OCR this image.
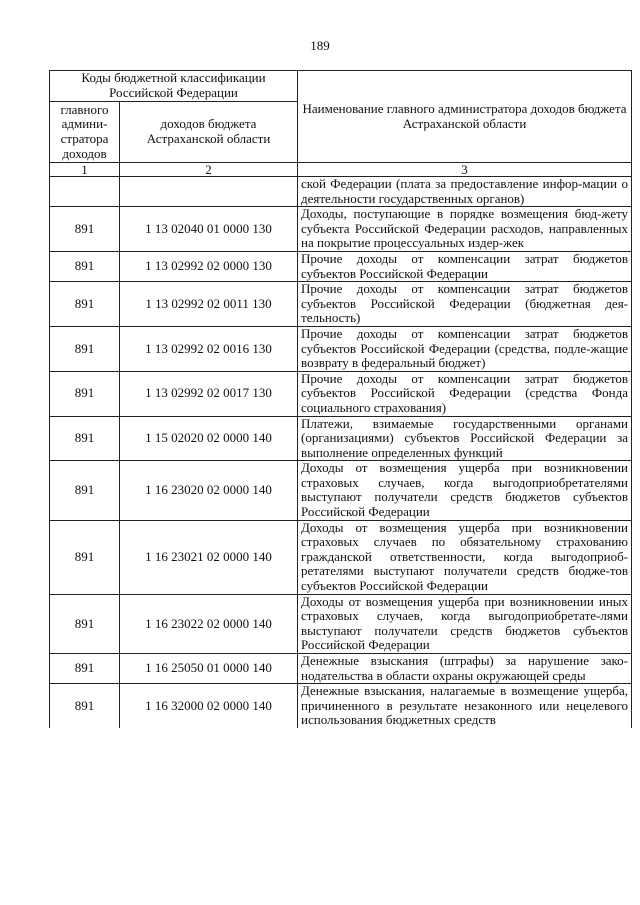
189
Коды бюджетной классификации Российской Федерации		Наименование главного администратора доходов бюджета Астраханской области
главного админи-стратора доходов	доходов бюджета Астраханской области	
1	2	3
		ской Федерации (плата за предоставление инфор-мации о деятельности государственных органов)
891	1 13 02040 01 0000 130	Доходы, поступающие в порядке возмещения бюд-жету субъекта Российской Федерации расходов, направленных на покрытие процессуальных издер-жек
891	1 13 02992 02 0000 130	Прочие доходы от компенсации затрат бюджетов субъектов Российской Федерации
891	1 13 02992 02 0011 130	Прочие доходы от компенсации затрат бюджетов субъектов Российской Федерации (бюджетная дея-тельность)
891	1 13 02992 02 0016 130	Прочие доходы от компенсации затрат бюджетов субъектов Российской Федерации (средства, подле-жащие возврату в федеральный бюджет)
891	1 13 02992 02 0017 130	Прочие доходы от компенсации затрат бюджетов субъектов Российской Федерации (средства Фонда социального страхования)
891	1 15 02020 02 0000 140	Платежи, взимаемые государственными органами (организациями) субъектов Российской Федерации за выполнение определенных функций
891	1 16 23020 02 0000 140	Доходы от возмещения ущерба при возникновении страховых случаев, когда выгодоприобретателями выступают получатели средств бюджетов субъектов Российской Федерации
891	1 16 23021 02 0000 140	Доходы от возмещения ущерба при возникновении страховых случаев по обязательному страхованию гражданской ответственности, когда выгодоприоб-ретателями выступают получатели средств бюдже-тов субъектов Российской Федерации
891	1 16 23022 02 0000 140	Доходы от возмещения ущерба при возникновении иных страховых случаев, когда выгодоприобретате-лями выступают получатели средств бюджетов субъектов Российской Федерации
891	1 16 25050 01 0000 140	Денежные взыскания (штрафы) за нарушение зако-нодательства в области охраны окружающей среды
891	1 16 32000 02 0000 140	Денежные взыскания, налагаемые в возмещение ущерба, причиненного в результате незаконного или нецелевого использования бюджетных средств
